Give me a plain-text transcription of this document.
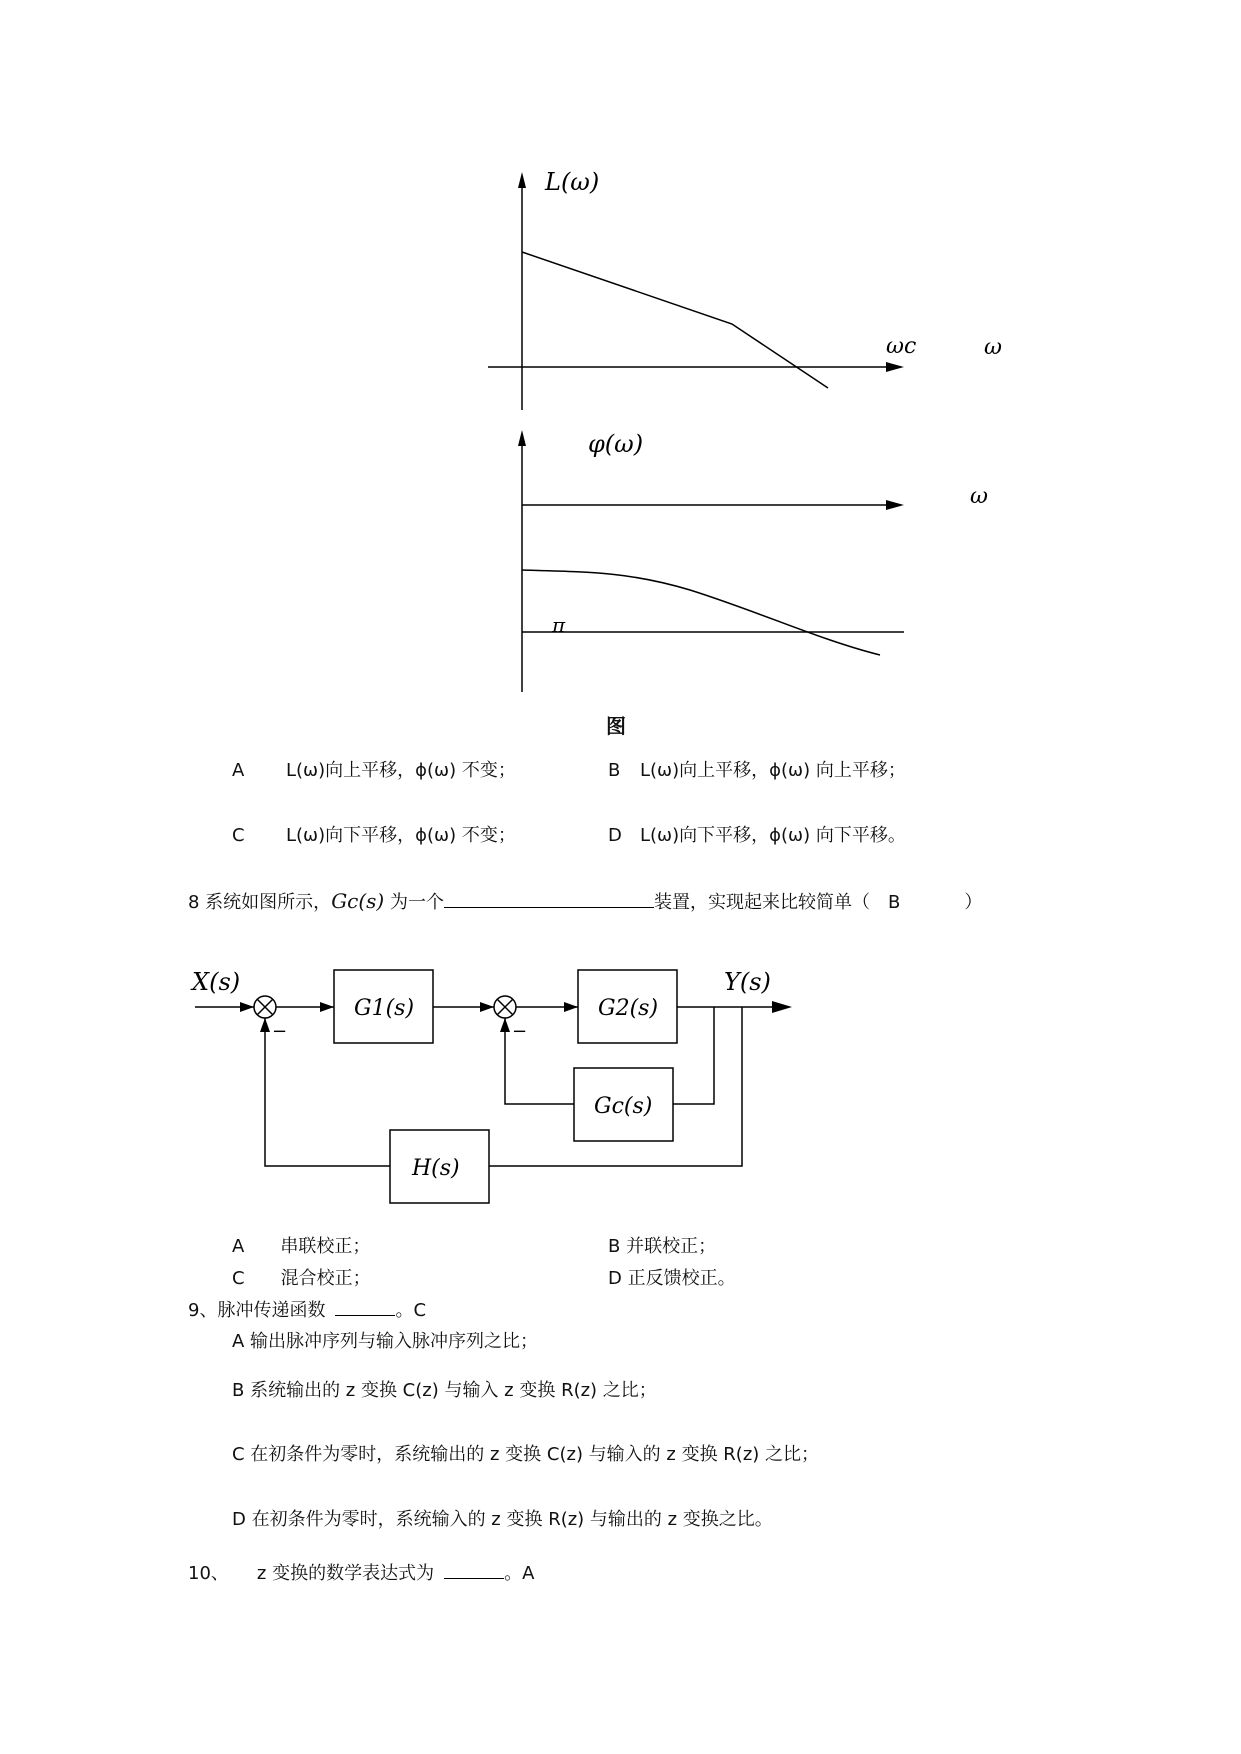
L(ω)
ωc	ω
φ(ω)
ω
π
图
A L(ω)向上平移，ϕ(ω) 不变；	B L(ω)向上平移，ϕ(ω) 向上平移；
C L(ω)向下平移，ϕ(ω) 不变；	D L(ω)向下平移，ϕ(ω) 向下平移。
8 系统如图所示，Gc(s) 为一个	装置，实现起来比较简单（ B	）
X(s)	Y(s)
G1(s)	G2(s)
Gc(s)
H(s)
−	−
A　　串联校正；	B 并联校正；
C　　混合校正；	D 正反馈校正。
9、脉冲传递函数	。C
A 输出脉冲序列与输入脉冲序列之比；
B 系统输出的 z 变换 C(z) 与输入 z 变换 R(z) 之比；
C 在初条件为零时，系统输出的 z 变换 C(z) 与输入的 z 变换 R(z) 之比；
D 在初条件为零时，系统输入的 z 变换 R(z) 与输出的 z 变换之比。
10、 z 变换的数学表达式为	。A
